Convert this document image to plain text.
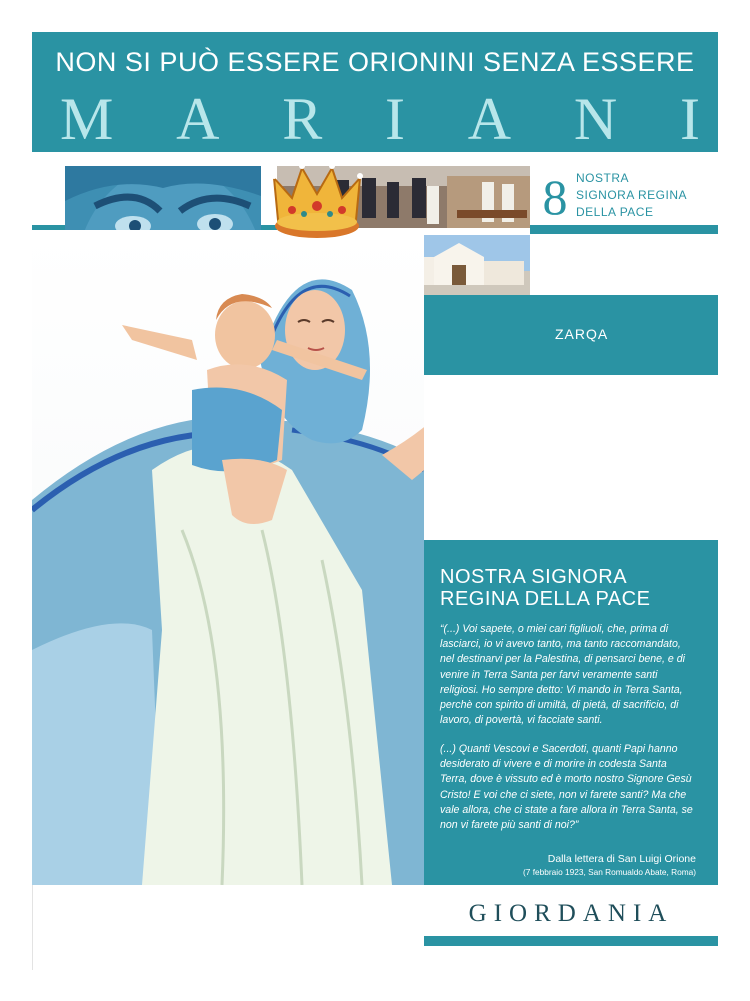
NON SI PUÒ ESSERE ORIONINI SENZA ESSERE
M A R I A N I
8 NOSTRA
SIGNORA REGINA
DELLA PACE
ZARQA
NOSTRA SIGNORA
REGINA DELLA PACE
“(...) Voi sapete, o miei cari figliuoli, che, prima di lasciarci, io vi avevo tanto, ma tanto raccomandato, nel destinarvi per la Palestina, di pensarci bene, e di venire in Terra Santa per farvi veramente santi religiosi. Ho sempre detto: Vi mando in Terra Santa, perchè con spirito di umiltà, di pietà, di sacrificio, di lavoro, di povertà, vi facciate santi.
(...) Quanti Vescovi e Sacerdoti, quanti Papi hanno desiderato di vivere e di morire in codesta Santa Terra, dove è vissuto ed è morto nostro Signore Gesù Cristo! E voi che ci siete, non vi farete santi? Ma che vale allora, che ci state a fare allora in Terra Santa, se non vi farete più santi di noi?”
Dalla lettera di San Luigi Orione
(7 febbraio 1923, San Romualdo Abate, Roma)
GIORDANIA
